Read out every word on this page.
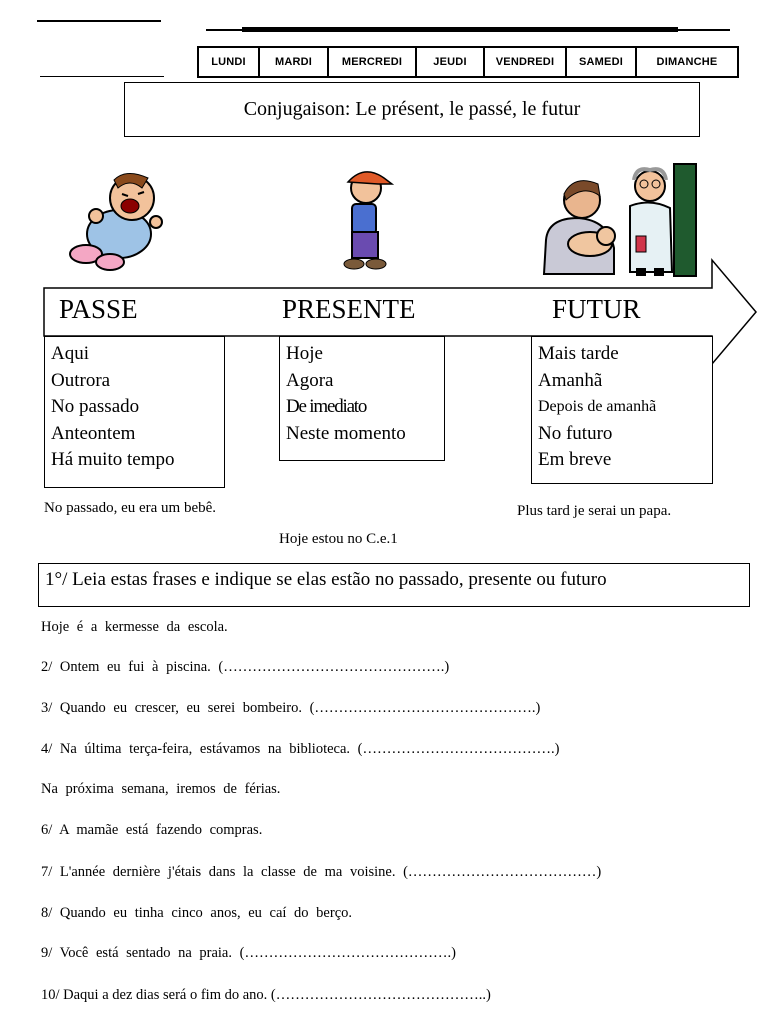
LUNDI	MARDI	MERCREDI	JEUDI	VENDREDI SAMEDI	DIMANCHE
Conjugaison: Le présent, le passé, le futur
PASSE	PRESENTE	FUTUR
Aqui
Outrora
No passado
Anteontem
Há muito tempo
Hoje
Agora
De imediato
Neste momento
Mais tarde
Amanhã
Depois de amanhã
No futuro
Em breve
No passado, eu era um bebê.
Hoje estou no C.e.1
Plus tard je serai un papa.
1°/ Leia estas frases e indique se elas estão no passado, presente ou futuro
Hoje é a kermesse da escola.
2/ Ontem eu fui à piscina. (……………………………………….)
3/ Quando eu crescer, eu serei bombeiro. (……………………………………….)
4/ Na última terça-feira, estávamos na biblioteca. (………………………………….)
Na próxima semana, iremos de férias.
6/ A mamãe está fazendo compras.
7/ L'année dernière j'étais dans la classe de ma voisine. (…………………………………)
8/ Quando eu tinha cinco anos, eu caí do berço.
9/ Você está sentado na praia. (…………………………………….)
10/ Daqui a dez dias será o fim do ano. (……………………………………..)
